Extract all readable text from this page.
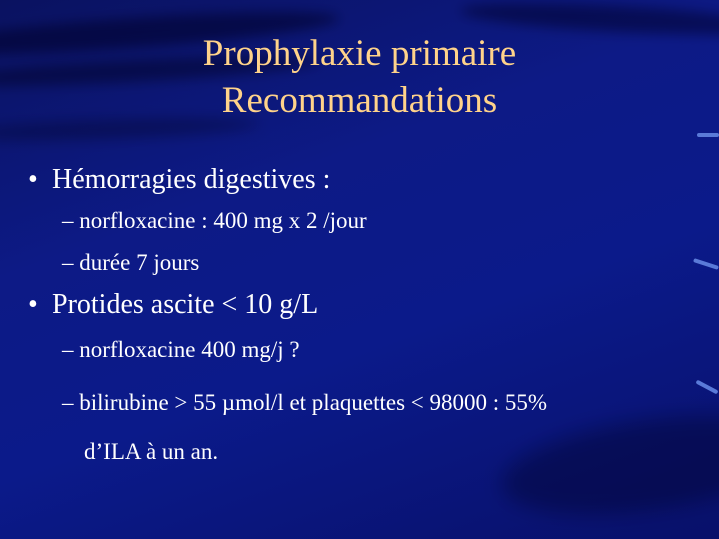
Prophylaxie primaire
Recommandations
• Hémorragies digestives :
– norfloxacine : 400 mg x 2 /jour
– durée 7 jours
• Protides ascite < 10 g/L
– norfloxacine 400 mg/j ?
– bilirubine > 55 µmol/l et plaquettes < 98000 : 55%
d’ILA à un an.
